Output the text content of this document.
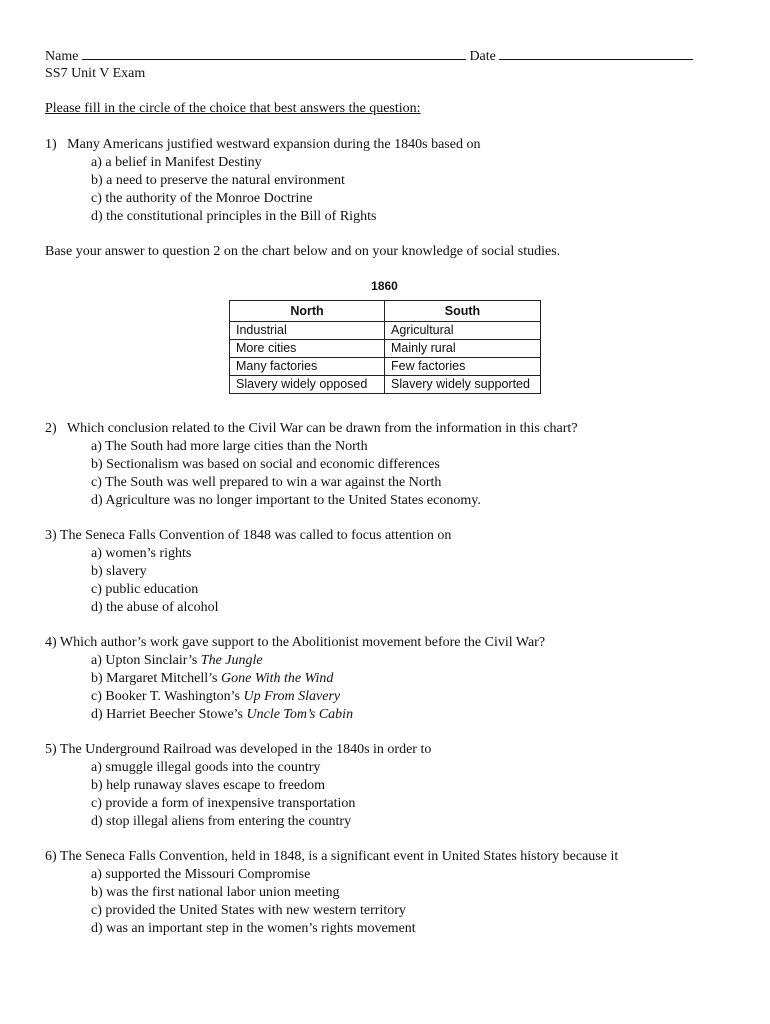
Name	Date
SS7 Unit V Exam
Please fill in the circle of the choice that best answers the question:
1)   Many Americans justified westward expansion during the 1840s based on
a) a belief in Manifest Destiny
b) a need to preserve the natural environment
c) the authority of the Monroe Doctrine
d) the constitutional principles in the Bill of Rights
Base your answer to question 2 on the chart below and on your knowledge of social studies.
1860
North	South
Industrial	Agricultural
More cities	Mainly rural
Many factories	Few factories
Slavery widely opposed	Slavery widely supported
2)   Which conclusion related to the Civil War can be drawn from the information in this chart?
a) The South had more large cities than the North
b) Sectionalism was based on social and economic differences
c) The South was well prepared to win a war against the North
d) Agriculture was no longer important to the United States economy.
3) The Seneca Falls Convention of 1848 was called to focus attention on
a) women’s rights
b) slavery
c) public education
d) the abuse of alcohol
4) Which author’s work gave support to the Abolitionist movement before the Civil War?
a) Upton Sinclair’s The Jungle
b) Margaret Mitchell’s Gone With the Wind
c) Booker T. Washington’s Up From Slavery
d) Harriet Beecher Stowe’s Uncle Tom’s Cabin
5) The Underground Railroad was developed in the 1840s in order to
a) smuggle illegal goods into the country
b) help runaway slaves escape to freedom
c) provide a form of inexpensive transportation
d) stop illegal aliens from entering the country
6) The Seneca Falls Convention, held in 1848, is a significant event in United States history because it
a) supported the Missouri Compromise
b) was the first national labor union meeting
c) provided the United States with new western territory
d) was an important step in the women’s rights movement
